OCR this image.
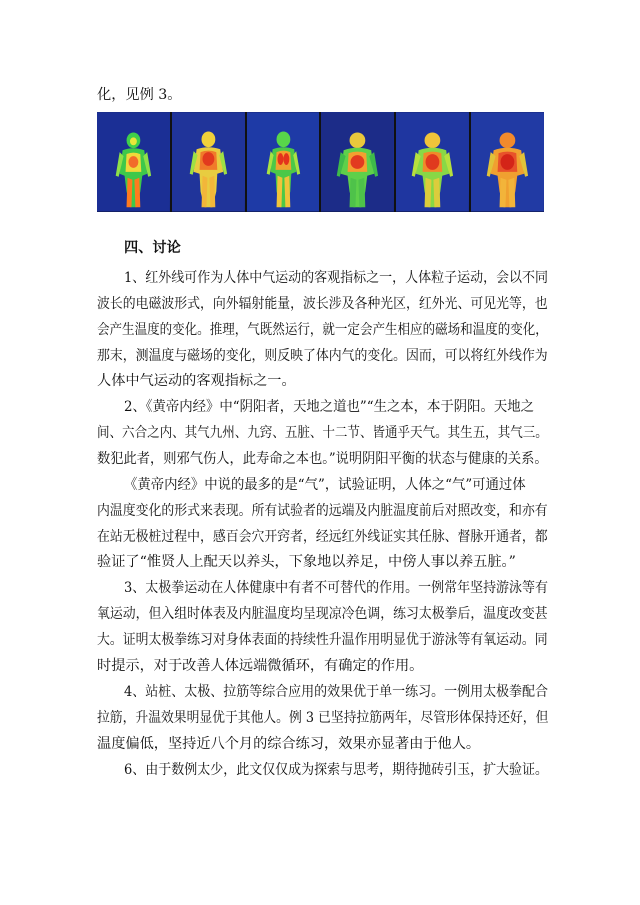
化，见例 3。
四、讨论
1、红外线可作为人体中气运动的客观指标之一，人体粒子运动，会以不同
波长的电磁波形式，向外辐射能量，波长涉及各种光区，红外光、可见光等，也
会产生温度的变化。推理，气既然运行，就一定会产生相应的磁场和温度的变化，
那末，测温度与磁场的变化，则反映了体内气的变化。因而，可以将红外线作为
人体中气运动的客观指标之一。
2、《黄帝内经》中“阴阳者，天地之道也”“生之本，本于阴阳。天地之
间、六合之内、其气九州、九窍、五脏、十二节、皆通乎天气。其生五，其气三。
数犯此者，则邪气伤人，此寿命之本也。”说明阴阳平衡的状态与健康的关系。
《黄帝内经》中说的最多的是“气”，试验证明，人体之“气”可通过体
内温度变化的形式来表现。所有试验者的远端及内脏温度前后对照改变，和亦有
在站无极桩过程中，感百会穴开窍者，经远红外线证实其任脉、督脉开通者，都
验证了“惟贤人上配天以养头，下象地以养足，中傍人事以养五脏。”
3、太极拳运动在人体健康中有者不可替代的作用。一例常年坚持游泳等有
氧运动，但入组时体表及内脏温度均呈现凉冷色调，练习太极拳后，温度改变甚
大。证明太极拳练习对身体表面的持续性升温作用明显优于游泳等有氧运动。同
时提示，对于改善人体远端微循环，有确定的作用。
4、站桩、太极、拉筋等综合应用的效果优于单一练习。一例用太极拳配合
拉筋，升温效果明显优于其他人。例 3 已坚持拉筋两年，尽管形体保持还好，但
温度偏低，坚持近八个月的综合练习，效果亦显著由于他人。
6、由于数例太少，此文仅仅成为探索与思考，期待抛砖引玉，扩大验证。
